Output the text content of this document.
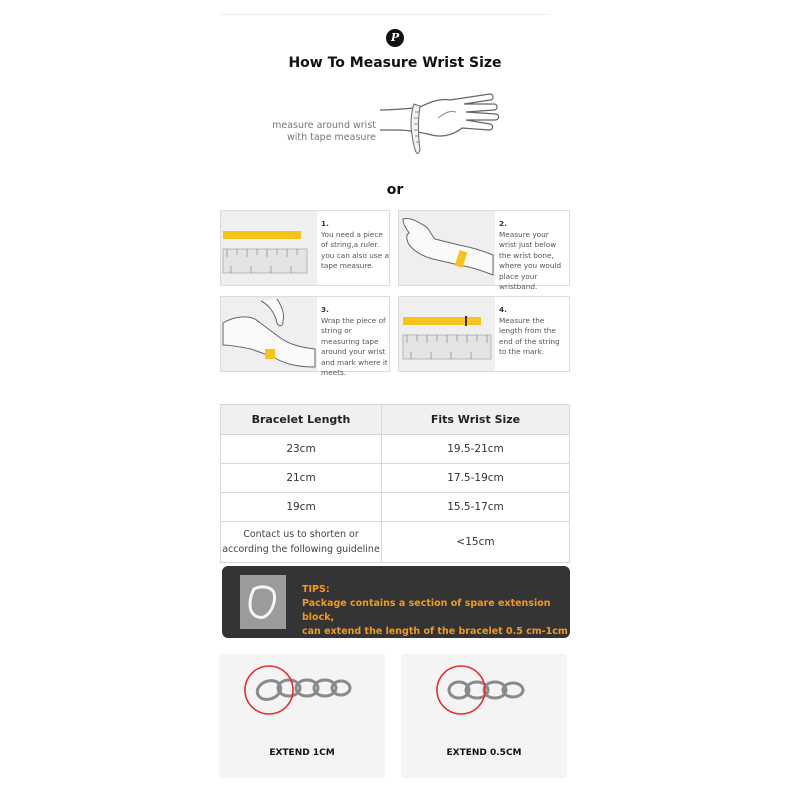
P
How To Measure Wrist Size
measure around wrist
with tape measure
or
1.
You need a piece of string,a ruler. you can also use a tape measure.
2.
Measure your wrist just below the wrist bone, where you would place your wristband.
3.
Wrap the piece of string or measuring tape around your wrist and mark where it meets.
4.
Measure the length from the end of the string to the mark.
Bracelet Length	Fits Wrist Size
23cm	19.5-21cm
21cm	17.5-19cm
19cm	15.5-17cm

Contact us to shorten or
according the following guideline	<15cm
TIPS:
Package contains a section of spare extension block,
can extend the length of the bracelet 0.5 cm-1cm
EXTEND 1CM	EXTEND 0.5CM
